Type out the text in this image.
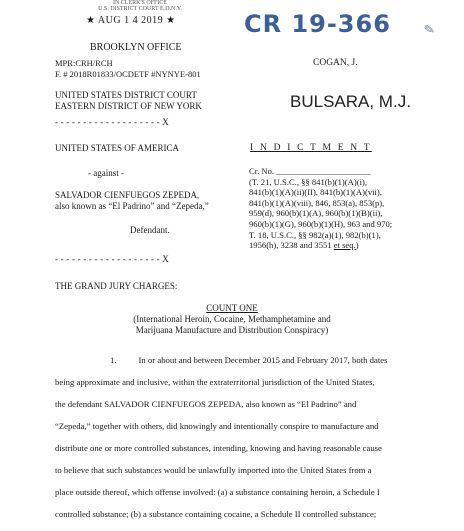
IN CLERK'S OFFICE
U.S. DISTRICT COURT E.D.N.Y.
★ AUG 1 4 2019 ★
BROOKLYN OFFICE
MPR:CRH/RCH
F. # 2018R01833/OCDETF #NYNYE-801
CR 19-366 ✎
COGAN, J.
UNITED STATES DISTRICT COURT
EASTERN DISTRICT OF NEW YORK	BULSARA, M.J.
- - - - - - - - - - - - - - - - - - - X
UNITED STATES OF AMERICA	I N D I C T M E N T
- against -
SALVADOR CIENFUEGOS ZEPEDA,
also known as “El Padrino” and “Zepeda,”
Defendant.
Cr. No. ______________________
(T. 21, U.S.C., §§ 841(b)(1)(A)(i),
841(b)(1)(A)(ii)(II), 841(b)(1)(A)(vii),
841(b)(1)(A)(viii), 846, 853(a), 853(p),
959(d), 960(b)(1)(A), 960(b)(1)(B)(ii),
960(b)(1)(G), 960(b)(1)(H), 963 and 970;
T. 18, U.S.C., §§ 982(a)(1), 982(b)(1),
1956(h), 3238 and 3551 et seq.)
- - - - - - - - - - - - - - - - - - - X
THE GRAND JURY CHARGES:
COUNT ONE
(International Heroin, Cocaine, Methamphetamine and
Marijuana Manufacture and Distribution Conspiracy)
1.	In or about and between December 2015 and February 2017, both dates
being approximate and inclusive, within the extraterritorial jurisdiction of the United States,
the defendant SALVADOR CIENFUEGOS ZEPEDA, also known as “El Padrino” and
“Zepeda,” together with others, did knowingly and intentionally conspire to manufacture and
distribute one or more controlled substances, intending, knowing and having reasonable cause
to believe that such substances would be unlawfully imported into the United States from a
place outside thereof, which offense involved: (a) a substance containing heroin, a Schedule I
controlled substance; (b) a substance containing cocaine, a Schedule II controlled substance;
